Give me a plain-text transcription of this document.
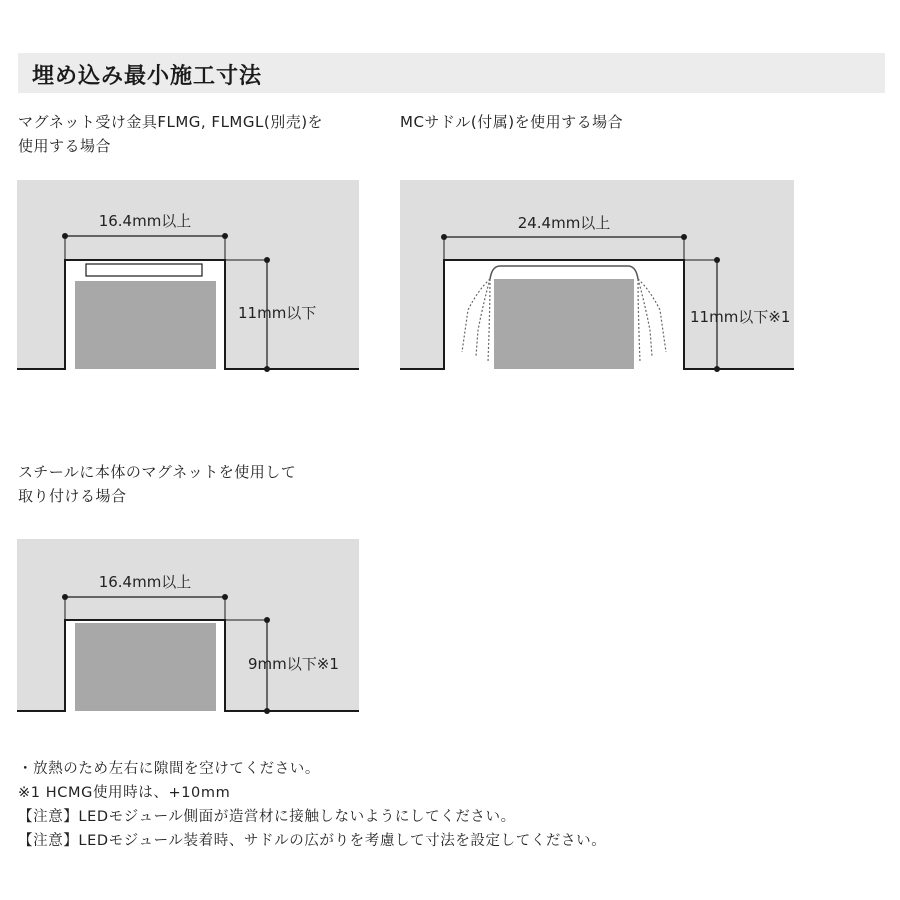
埋め込み最小施工寸法
マグネット受け金具FLMG, FLMGL(別売)を
使用する場合
16.4mm以上
11mm以下
MCサドル(付属)を使用する場合
24.4mm以上
11mm以下※1
スチールに本体のマグネットを使用して
取り付ける場合
16.4mm以上
9mm以下※1
・放熱のため左右に隙間を空けてください。
※1 HCMG使用時は、+10mm
【注意】LEDモジュール側面が造営材に接触しないようにしてください。
【注意】LEDモジュール装着時、サドルの広がりを考慮して寸法を設定してください。
